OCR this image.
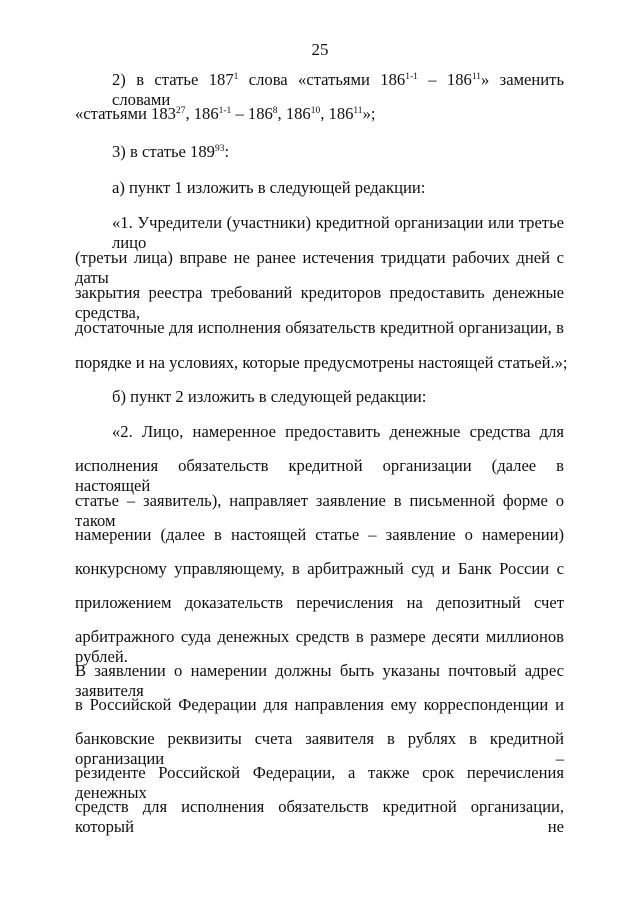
25
2) в статье $187^1$ слова «статьями $186^{1-1} - 186^{11}$» заменить словами
«статьями $183^{27}$, $186^{1-1} - 186^8$, $186^{10}$, $186^{11}$»;
3) в статье $189^{93}$:
а) пункт 1 изложить в следующей редакции:
«1. Учредители (участники) кредитной организации или третье лицо
(третьи лица) вправе не ранее истечения тридцати рабочих дней с даты
закрытия реестра требований кредиторов предоставить денежные средства,
достаточные для исполнения обязательств кредитной организации, в
порядке и на условиях, которые предусмотрены настоящей статьей.»;
б) пункт 2 изложить в следующей редакции:
«2. Лицо, намеренное предоставить денежные средства для
исполнения обязательств кредитной организации (далее в настоящей
статье – заявитель), направляет заявление в письменной форме о таком
намерении (далее в настоящей статье – заявление о намерении)
конкурсному управляющему, в арбитражный суд и Банк России с
приложением доказательств перечисления на депозитный счет
арбитражного суда денежных средств в размере десяти миллионов рублей.
В заявлении о намерении должны быть указаны почтовый адрес заявителя
в Российской Федерации для направления ему корреспонденции и
банковские реквизиты счета заявителя в рублях в кредитной организации –
резиденте Российской Федерации, а также срок перечисления денежных
средств для исполнения обязательств кредитной организации, который не
